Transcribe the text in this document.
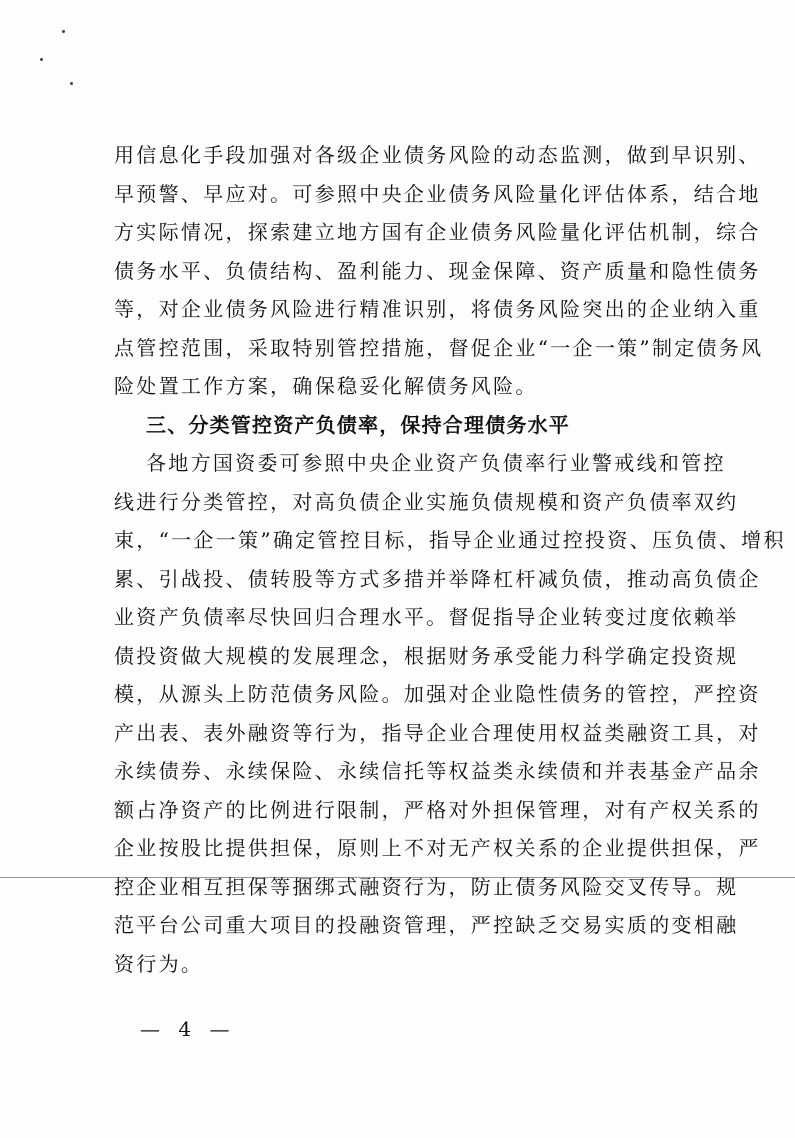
用信息化手段加强对各级企业债务风险的动态监测，做到早识别、
早预警、早应对。可参照中央企业债务风险量化评估体系，结合地
方实际情况，探索建立地方国有企业债务风险量化评估机制，综合
债务水平、负债结构、盈利能力、现金保障、资产质量和隐性债务
等，对企业债务风险进行精准识别，将债务风险突出的企业纳入重
点管控范围，采取特别管控措施，督促企业“一企一策”制定债务风
险处置工作方案，确保稳妥化解债务风险。
三、分类管控资产负债率，保持合理债务水平
各地方国资委可参照中央企业资产负债率行业警戒线和管控
线进行分类管控，对高负债企业实施负债规模和资产负债率双约
束，“一企一策”确定管控目标，指导企业通过控投资、压负债、增积
累、引战投、债转股等方式多措并举降杠杆减负债，推动高负债企
业资产负债率尽快回归合理水平。督促指导企业转变过度依赖举
债投资做大规模的发展理念，根据财务承受能力科学确定投资规
模，从源头上防范债务风险。加强对企业隐性债务的管控，严控资
产出表、表外融资等行为，指导企业合理使用权益类融资工具，对
永续债券、永续保险、永续信托等权益类永续债和并表基金产品余
额占净资产的比例进行限制，严格对外担保管理，对有产权关系的
企业按股比提供担保，原则上不对无产权关系的企业提供担保，严
控企业相互担保等捆绑式融资行为，防止债务风险交叉传导。规
范平台公司重大项目的投融资管理，严控缺乏交易实质的变相融
资行为。
— 4 —
